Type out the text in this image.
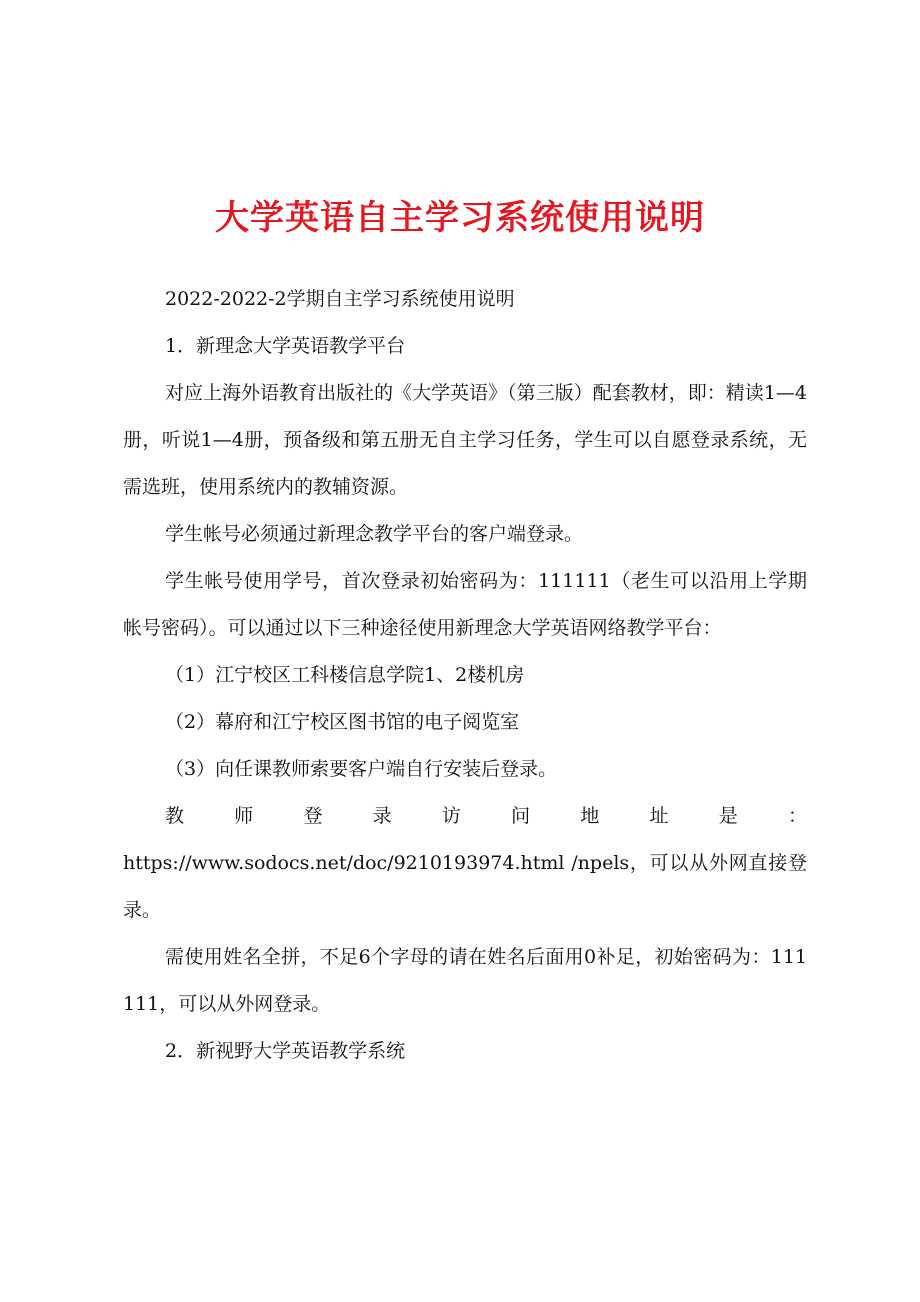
大学英语自主学习系统使用说明

2022-2022-2学期自主学习系统使用说明

1．新理念大学英语教学平台

对应上海外语教育出版社的《大学英语》（第三版）配套教材，即：精读1—4册，听说1—4册，预备级和第五册无自主学习任务，学生可以自愿登录系统，无需选班，使用系统内的教辅资源。

学生帐号必须通过新理念教学平台的客户端登录。

学生帐号使用学号，首次登录初始密码为：111111（老生可以沿用上学期帐号密码）。可以通过以下三种途径使用新理念大学英语网络教学平台：

（1）江宁校区工科楼信息学院1、2楼机房

（2）幕府和江宁校区图书馆的电子阅览室

（3）向任课教师索要客户端自行安装后登录。

教师登录访问地址是：
https://www.sodocs.net/doc/9210193974.html /npels，可以从外网直接登录。

需使用姓名全拼，不足6个字母的请在姓名后面用0补足，初始密码为：111111，可以从外网登录。

2．新视野大学英语教学系统
